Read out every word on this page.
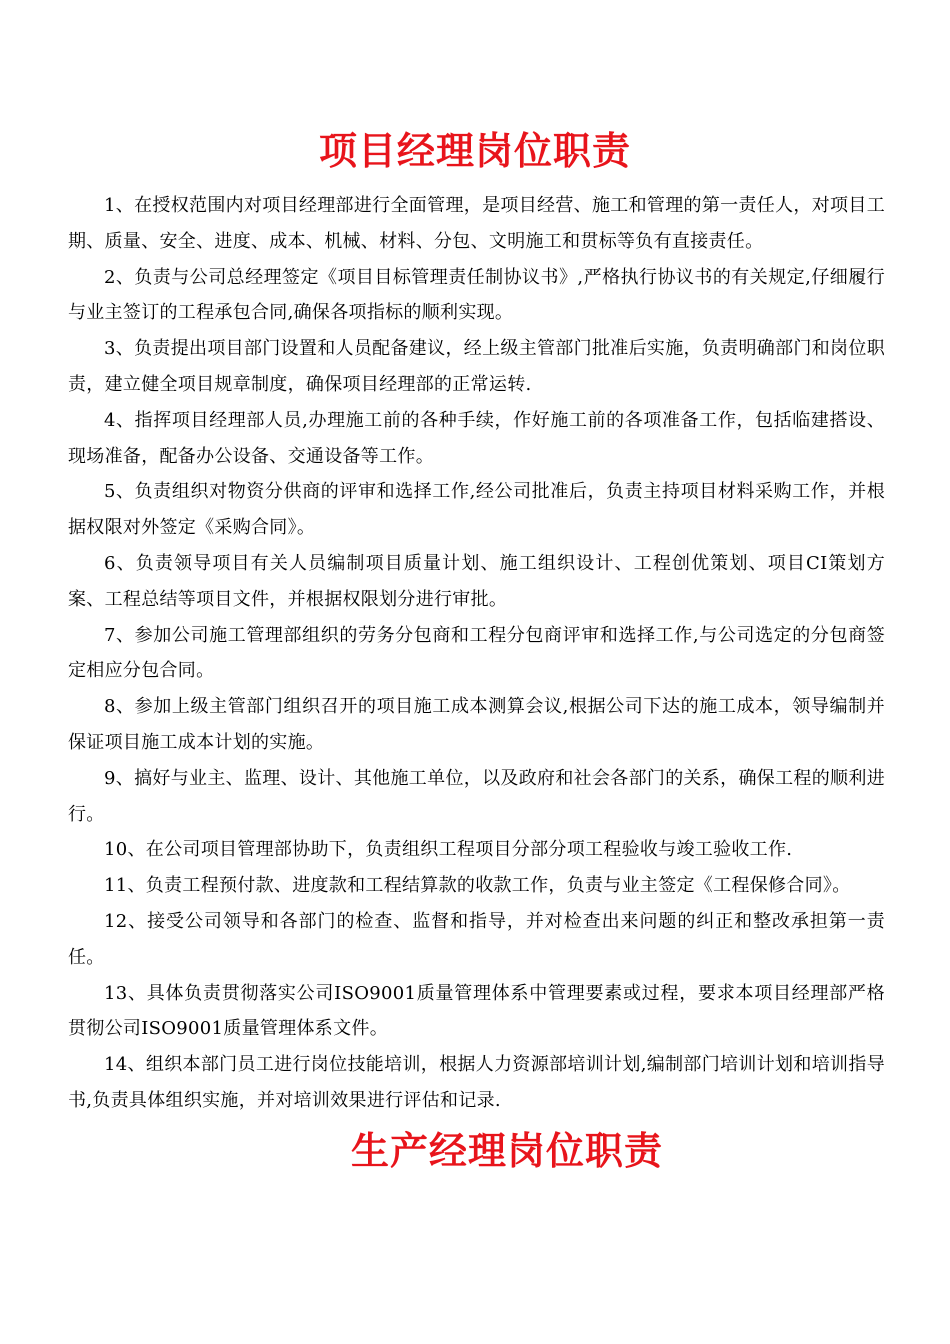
项目经理岗位职责

1、在授权范围内对项目经理部进行全面管理，是项目经营、施工和管理的第一责任人，对项目工期、质量、安全、进度、成本、机械、材料、分包、文明施工和贯标等负有直接责任。

2、负责与公司总经理签定《项目目标管理责任制协议书》,严格执行协议书的有关规定,仔细履行与业主签订的工程承包合同,确保各项指标的顺利实现。

3、负责提出项目部门设置和人员配备建议，经上级主管部门批准后实施，负责明确部门和岗位职责，建立健全项目规章制度，确保项目经理部的正常运转.

4、指挥项目经理部人员,办理施工前的各种手续，作好施工前的各项准备工作，包括临建搭设、现场准备，配备办公设备、交通设备等工作。

5、负责组织对物资分供商的评审和选择工作,经公司批准后，负责主持项目材料采购工作，并根据权限对外签定《采购合同》。

6、负责领导项目有关人员编制项目质量计划、施工组织设计、工程创优策划、项目CI策划方案、工程总结等项目文件，并根据权限划分进行审批。

7、参加公司施工管理部组织的劳务分包商和工程分包商评审和选择工作,与公司选定的分包商签定相应分包合同。

8、参加上级主管部门组织召开的项目施工成本测算会议,根据公司下达的施工成本，领导编制并保证项目施工成本计划的实施。

9、搞好与业主、监理、设计、其他施工单位，以及政府和社会各部门的关系，确保工程的顺利进行。

10、在公司项目管理部协助下，负责组织工程项目分部分项工程验收与竣工验收工作.

11、负责工程预付款、进度款和工程结算款的收款工作，负责与业主签定《工程保修合同》。

12、接受公司领导和各部门的检查、监督和指导，并对检查出来问题的纠正和整改承担第一责任。

13、具体负责贯彻落实公司ISO9001质量管理体系中管理要素或过程，要求本项目经理部严格贯彻公司ISO9001质量管理体系文件。

14、组织本部门员工进行岗位技能培训，根据人力资源部培训计划,编制部门培训计划和培训指导书,负责具体组织实施，并对培训效果进行评估和记录.

生产经理岗位职责
